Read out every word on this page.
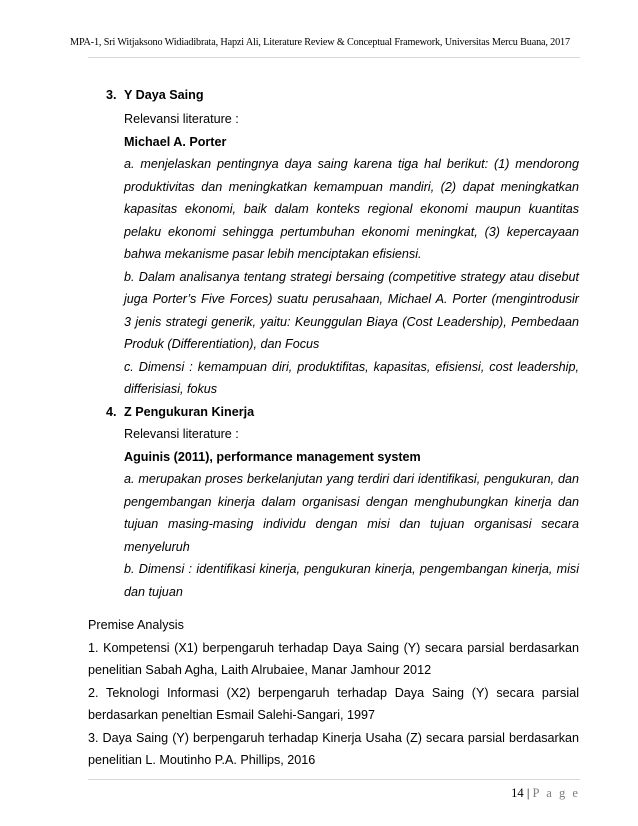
MPA-1, Sri Witjaksono Widiadibrata, Hapzi Ali, Literature Review & Conceptual Framework, Universitas Mercu Buana, 2017
3. Y Daya Saing
Relevansi literature :
Michael A. Porter
a. menjelaskan pentingnya daya saing karena tiga hal berikut: (1) mendorong
produktivitas dan meningkatkan kemampuan mandiri, (2) dapat meningkatkan
kapasitas ekonomi, baik dalam konteks regional ekonomi maupun kuantitas
pelaku ekonomi sehingga pertumbuhan ekonomi meningkat, (3) kepercayaan
bahwa mekanisme pasar lebih menciptakan efisiensi.
b. Dalam analisanya tentang strategi bersaing (competitive strategy atau disebut
juga Porter’s Five Forces) suatu perusahaan, Michael A. Porter (mengintrodusir
3 jenis strategi generik, yaitu: Keunggulan Biaya (Cost Leadership), Pembedaan
Produk (Differentiation), dan Focus
c. Dimensi : kemampuan diri, produktifitas, kapasitas, efisiensi, cost leadership,
differisiasi, fokus
4. Z Pengukuran Kinerja
Relevansi literature :
Aguinis (2011), performance management system
a. merupakan proses berkelanjutan yang terdiri dari identifikasi, pengukuran, dan
pengembangan kinerja dalam organisasi dengan menghubungkan kinerja dan
tujuan masing-masing individu dengan misi dan tujuan organisasi secara
menyeluruh
b. Dimensi : identifikasi kinerja, pengukuran kinerja, pengembangan kinerja, misi
dan tujuan
Premise Analysis
1. Kompetensi (X1) berpengaruh terhadap Daya Saing (Y) secara parsial berdasarkan
penelitian Sabah Agha, Laith Alrubaiee, Manar Jamhour 2012
2. Teknologi Informasi (X2) berpengaruh terhadap Daya Saing (Y) secara parsial
berdasarkan peneltian Esmail Salehi-Sangari, 1997
3. Daya Saing (Y) berpengaruh terhadap Kinerja Usaha (Z) secara parsial berdasarkan
penelitian L. Moutinho P.A. Phillips, 2016
14 | P a g e
